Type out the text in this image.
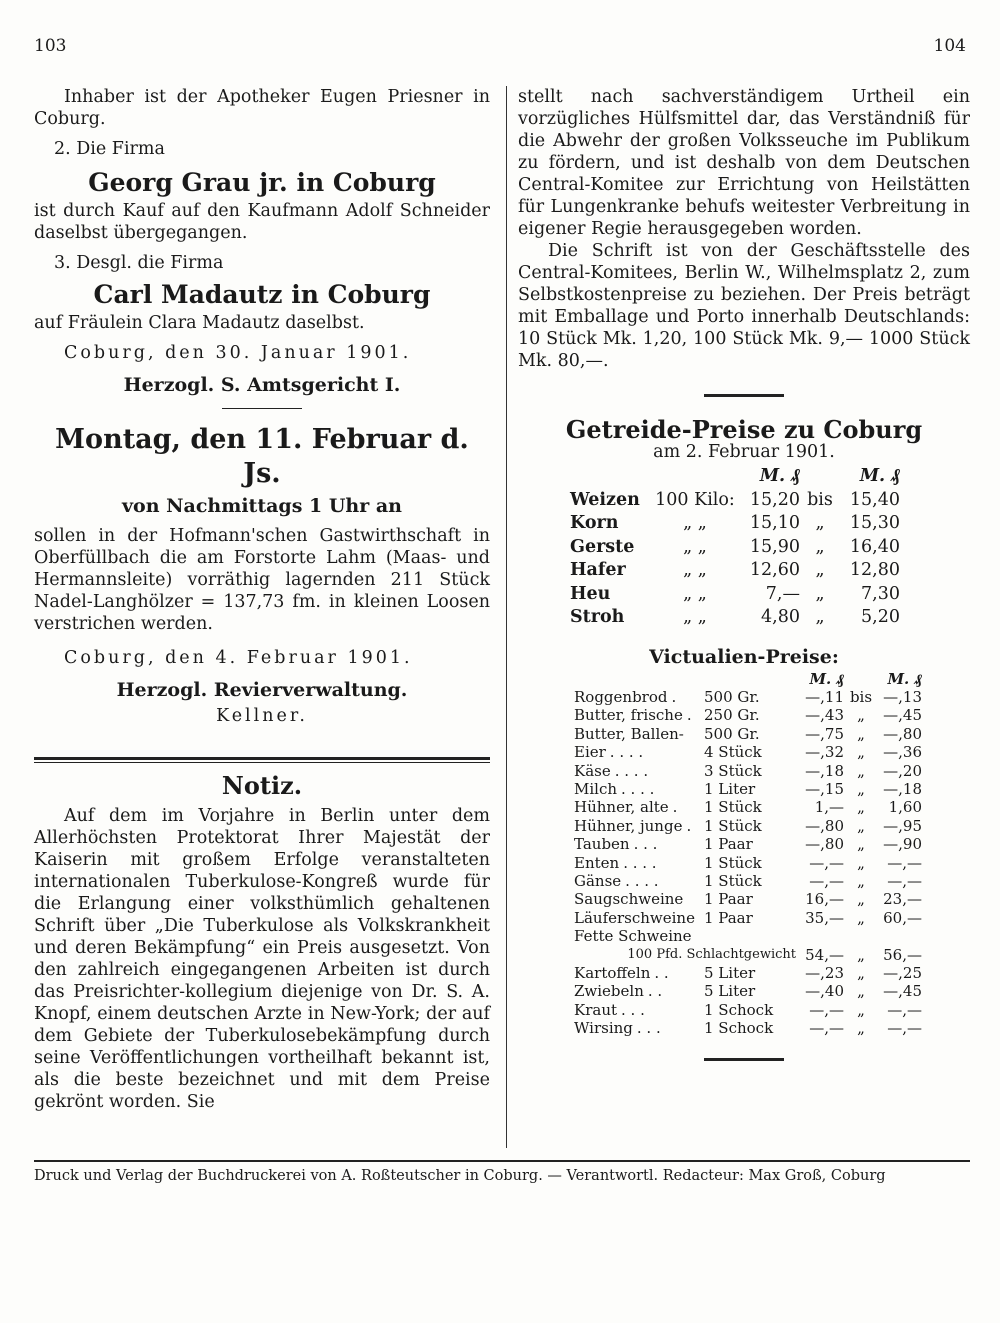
103	104

Inhaber ist der Apotheker Eugen Priesner in Coburg.

2. Die Firma

Georg Grau jr. in Coburg

ist durch Kauf auf den Kaufmann Adolf Schneider daselbst übergegangen.

3. Desgl. die Firma

Carl Madautz in Coburg

auf Fräulein Clara Madautz daselbst.

Coburg, den 30. Januar 1901.

Herzogl. S. Amtsgericht I.

Montag, den 11. Februar d. Js.

von Nachmittags 1 Uhr an

sollen in der Hofmann'schen Gastwirthschaft in Oberfüllbach die am Forstorte Lahm (Maas- und Hermannsleite) vorräthig lagernden 211 Stück Nadel-Langhölzer = 137,73 fm. in kleinen Loosen verstrichen werden.

Coburg, den 4. Februar 1901.

Herzogl. Revierverwaltung.

Kellner.

Notiz.

Auf dem im Vorjahre in Berlin unter dem Allerhöchsten Protektorat Ihrer Majestät der Kaiserin mit großem Erfolge veranstalteten internationalen Tuberkulose-Kongreß wurde für die Erlangung einer volksthümlich gehaltenen Schrift über „Die Tuberkulose als Volkskrankheit und deren Bekämpfung“ ein Preis ausgesetzt. Von den zahlreich eingegangenen Arbeiten ist durch das Preisrichter-kollegium diejenige von Dr. S. A. Knopf, einem deutschen Arzte in New-York; der auf dem Gebiete der Tuberkulosebekämpfung durch seine Veröffentlichungen vortheilhaft bekannt ist, als die beste bezeichnet und mit dem Preise gekrönt worden. Sie

stellt nach sachverständigem Urtheil ein vorzügliches Hülfsmittel dar, das Verständniß für die Abwehr der großen Volksseuche im Publikum zu fördern, und ist deshalb von dem Deutschen Central-Komitee zur Errichtung von Heilstätten für Lungenkranke behufs weitester Verbreitung in eigener Regie herausgegeben worden.

Die Schrift ist von der Geschäftsstelle des Central-Komitees, Berlin W., Wilhelmsplatz 2, zum Selbstkostenpreise zu beziehen. Der Preis beträgt mit Emballage und Porto innerhalb Deutschlands: 10 Stück Mk. 1,20, 100 Stück Mk. 9,— 1000 Stück Mk. 80,—.

Getreide-Preise zu Coburg

am 2. Februar 1901.

		M. ₰		M. ₰
Weizen	100 Kilo:	15,20	bis	15,40
Korn	„ „	15,10	„	15,30
Gerste	„ „	15,90	„	16,40
Hafer	„ „	12,60	„	12,80
Heu	„ „	7,—	„	7,30
Stroh	„ „	4,80	„	5,20

Victualien-Preise:

		M. ₰		M. ₰
Roggenbrod .	500 Gr.	—,11	bis	—,13
Butter, frische .	250 Gr.	—,43	„	—,45
Butter, Ballen-	500 Gr.	—,75	„	—,80
Eier . . . .	4 Stück	—,32	„	—,36
Käse . . . .	3 Stück	—,18	„	—,20
Milch . . . .	1 Liter	—,15	„	—,18
Hühner, alte .	1 Stück	1,—	„	1,60
Hühner, junge .	1 Stück	—,80	„	—,95
Tauben . . .	1 Paar	—,80	„	—,90
Enten . . . .	1 Stück	—,—	„	—,—
Gänse . . . .	1 Stück	—,—	„	—,—
Saugschweine	1 Paar	16,—	„	23,—
Läuferschweine	1 Paar	35,—	„	60,—
Fette Schweine				
100 Pfd. Schlachtgewicht		54,—	„	56,—
Kartoffeln . .	5 Liter	—,23	„	—,25
Zwiebeln . .	5 Liter	—,40	„	—,45
Kraut . . .	1 Schock	—,—	„	—,—
Wirsing . . .	1 Schock	—,—	„	—,—
Druck und Verlag der Buchdruckerei von A. Roßteutscher in Coburg. — Verantwortl. Redacteur: Max Groß, Coburg
